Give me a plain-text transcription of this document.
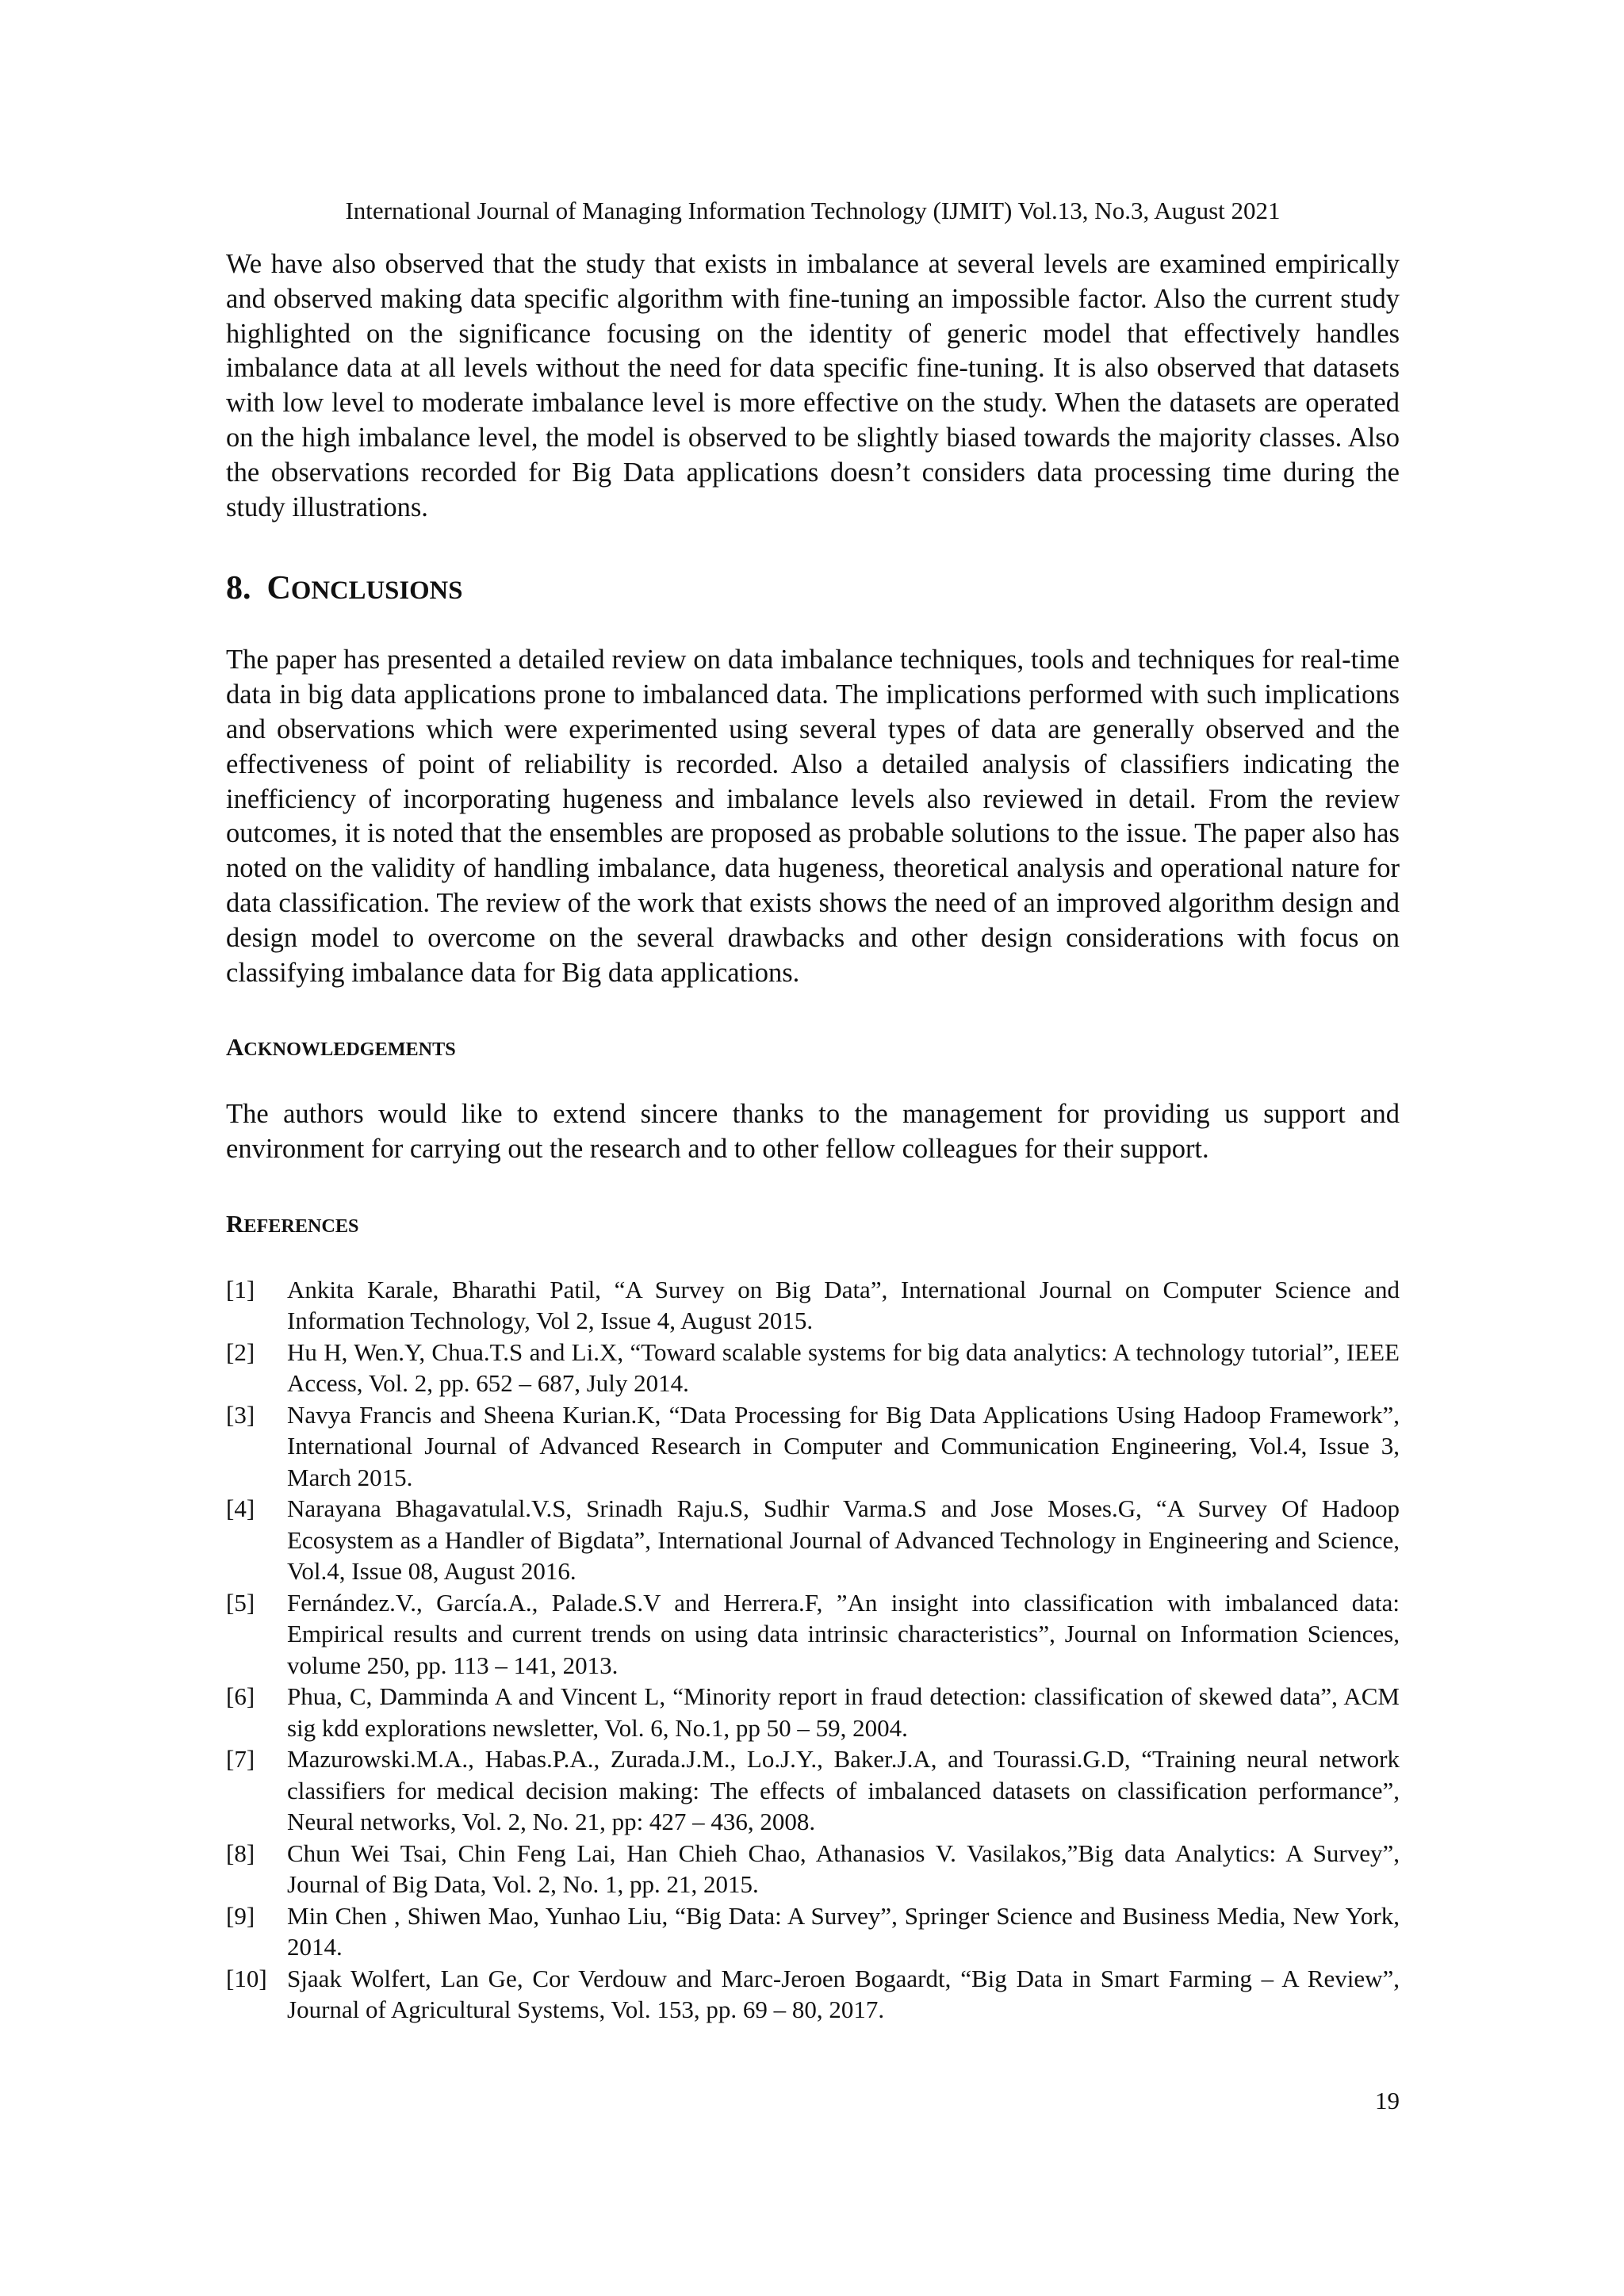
International Journal of Managing Information Technology (IJMIT) Vol.13, No.3, August 2021

We have also observed that the study that exists in imbalance at several levels are examined empirically and observed making data specific algorithm with fine-tuning an impossible factor. Also the current study highlighted on the significance focusing on the identity of generic model that effectively handles imbalance data at all levels without the need for data specific fine-tuning. It is also observed that datasets with low level to moderate imbalance level is more effective on the study. When the datasets are operated on the high imbalance level, the model is observed to be slightly biased towards the majority classes. Also the observations recorded for Big Data applications doesn’t considers data processing time during the study illustrations.

8. CONCLUSIONS

The paper has presented a detailed review on data imbalance techniques, tools and techniques for real-time data in big data applications prone to imbalanced data. The implications performed with such implications and observations which were experimented using several types of data are generally observed and the effectiveness of point of reliability is recorded. Also a detailed analysis of classifiers indicating the inefficiency of incorporating hugeness and imbalance levels also reviewed in detail. From the review outcomes, it is noted that the ensembles are proposed as probable solutions to the issue. The paper also has noted on the validity of handling imbalance, data hugeness, theoretical analysis and operational nature for data classification. The review of the work that exists shows the need of an improved algorithm design and design model to overcome on the several drawbacks and other design considerations with focus on classifying imbalance data for Big data applications.

ACKNOWLEDGEMENTS

The authors would like to extend sincere thanks to the management for providing us support and environment for carrying out the research and to other fellow colleagues for their support.

REFERENCES
[1]	Ankita Karale, Bharathi Patil, “A Survey on Big Data”, International Journal on Computer Science and Information Technology, Vol 2, Issue 4, August 2015.
[2]	Hu H, Wen.Y, Chua.T.S and Li.X, “Toward scalable systems for big data analytics: A technology tutorial”, IEEE Access, Vol. 2, pp. 652 – 687, July 2014.
[3]	Navya Francis and Sheena Kurian.K, “Data Processing for Big Data Applications Using Hadoop Framework”, International Journal of Advanced Research in Computer and Communication Engineering, Vol.4, Issue 3, March 2015.
[4]	Narayana Bhagavatulal.V.S, Srinadh Raju.S, Sudhir Varma.S and Jose Moses.G, “A Survey Of Hadoop Ecosystem as a Handler of Bigdata”, International Journal of Advanced Technology in Engineering and Science, Vol.4, Issue 08, August 2016.
[5]	Fernández.V., García.A., Palade.S.V and Herrera.F, ”An insight into classification with imbalanced data: Empirical results and current trends on using data intrinsic characteristics”, Journal on Information Sciences, volume 250, pp. 113 – 141, 2013.
[6]	Phua, C, Damminda A and Vincent L, “Minority report in fraud detection: classification of skewed data”, ACM sig kdd explorations newsletter, Vol. 6, No.1, pp 50 – 59, 2004.
[7]	Mazurowski.M.A., Habas.P.A., Zurada.J.M., Lo.J.Y., Baker.J.A, and Tourassi.G.D, “Training neural network classifiers for medical decision making: The effects of imbalanced datasets on classification performance”, Neural networks, Vol. 2, No. 21, pp: 427 – 436, 2008.
[8]	Chun Wei Tsai, Chin Feng Lai, Han Chieh Chao, Athanasios V. Vasilakos,”Big data Analytics: A Survey”, Journal of Big Data, Vol. 2, No. 1, pp. 21, 2015.
[9]	Min Chen , Shiwen Mao, Yunhao Liu, “Big Data: A Survey”, Springer Science and Business Media, New York, 2014.
[10] Sjaak Wolfert, Lan Ge, Cor Verdouw and Marc-Jeroen Bogaardt, “Big Data in Smart Farming – A Review”, Journal of Agricultural Systems, Vol. 153, pp. 69 – 80, 2017.
19
